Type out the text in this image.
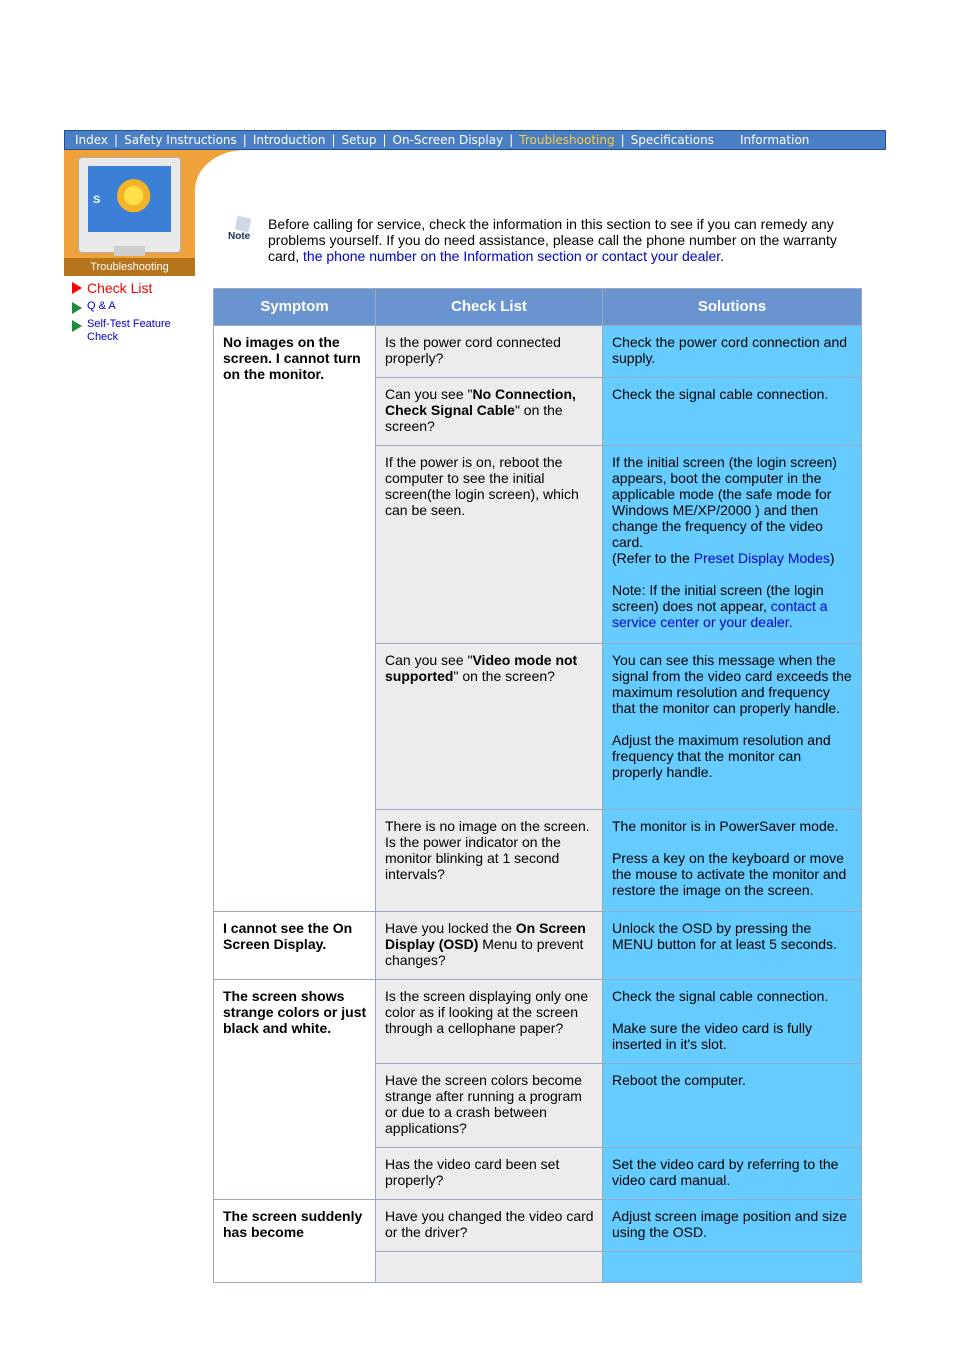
Index | Safety Instructions | Introduction | Setup | On-Screen Display | Troubleshooting | Specifications Information
S
Troubleshooting
Check List
Q & A
Self-Test Feature Check
Note
Before calling for service, check the information in this section to see if you can remedy any problems yourself. If you do need assistance, please call the phone number on the warranty card, the phone number on the Information section or contact your dealer.
Symptom	Check List	Solutions

No images on the screen. I cannot turn on the monitor.	Is the power cord connected properly?	Check the power cord connection and supply.

	Can you see "No Connection, Check Signal Cable" on the screen?	Check the signal cable connection.

	If the power is on, reboot the computer to see the initial screen(the login screen), which can be seen.	If the initial screen (the login screen) appears, boot the computer in the applicable mode (the safe mode for Windows ME/XP/2000 ) and then change the frequency of the video card.
(Refer to the Preset Display Modes)
Note: If the initial screen (the login screen) does not appear, contact a service center or your dealer.

	Can you see "Video mode not supported" on the screen?	You can see this message when the signal from the video card exceeds the maximum resolution and frequency that the monitor can properly handle.
Adjust the maximum resolution and frequency that the monitor can properly handle.

	There is no image on the screen. Is the power indicator on the monitor blinking at 1 second intervals?	The monitor is in PowerSaver mode.
Press a key on the keyboard or move the mouse to activate the monitor and restore the image on the screen.

I cannot see the On Screen Display.	Have you locked the On Screen Display (OSD) Menu to prevent changes?	Unlock the OSD by pressing the MENU button for at least 5 seconds.

The screen shows strange colors or just black and white.	Is the screen displaying only one color as if looking at the screen through a cellophane paper?	Check the signal cable connection.
Make sure the video card is fully inserted in it's slot.

	Have the screen colors become strange after running a program or due to a crash between applications?	Reboot the computer.

	Has the video card been set properly?	Set the video card by referring to the video card manual.

The screen suddenly has become	Have you changed the video card or the driver?	Adjust screen image position and size using the OSD.
